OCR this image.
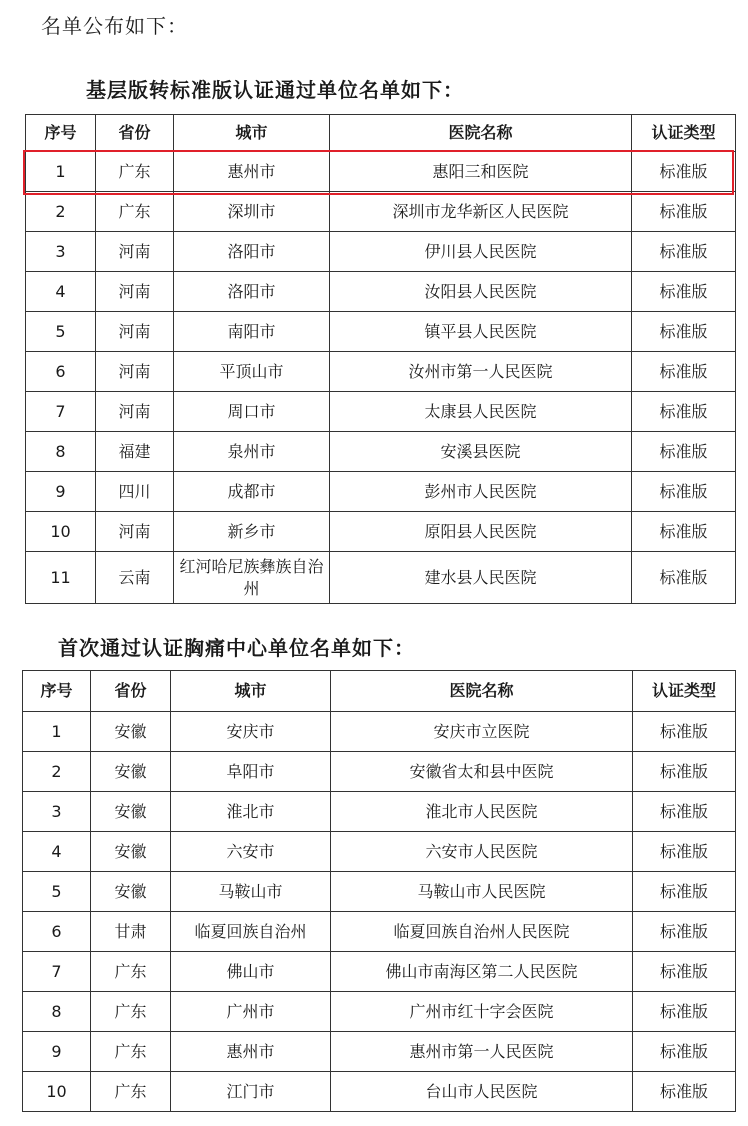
名单公布如下：
基层版转标准版认证通过单位名单如下：
序号	省份	城市	医院名称	认证类型
1	广东	惠州市	惠阳三和医院	标准版
2	广东	深圳市	深圳市龙华新区人民医院	标准版
3	河南	洛阳市	伊川县人民医院	标准版
4	河南	洛阳市	汝阳县人民医院	标准版
5	河南	南阳市	镇平县人民医院	标准版
6	河南	平顶山市	汝州市第一人民医院	标准版
7	河南	周口市	太康县人民医院	标准版
8	福建	泉州市	安溪县医院	标准版
9	四川	成都市	彭州市人民医院	标准版
10	河南	新乡市	原阳县人民医院	标准版
11	云南	红河哈尼族彝族自治州	建水县人民医院	标准版
首次通过认证胸痛中心单位名单如下：
序号	省份	城市	医院名称	认证类型
1	安徽	安庆市	安庆市立医院	标准版
2	安徽	阜阳市	安徽省太和县中医院	标准版
3	安徽	淮北市	淮北市人民医院	标准版
4	安徽	六安市	六安市人民医院	标准版
5	安徽	马鞍山市	马鞍山市人民医院	标准版
6	甘肃	临夏回族自治州	临夏回族自治州人民医院	标准版
7	广东	佛山市	佛山市南海区第二人民医院	标准版
8	广东	广州市	广州市红十字会医院	标准版
9	广东	惠州市	惠州市第一人民医院	标准版
10	广东	江门市	台山市人民医院	标准版
